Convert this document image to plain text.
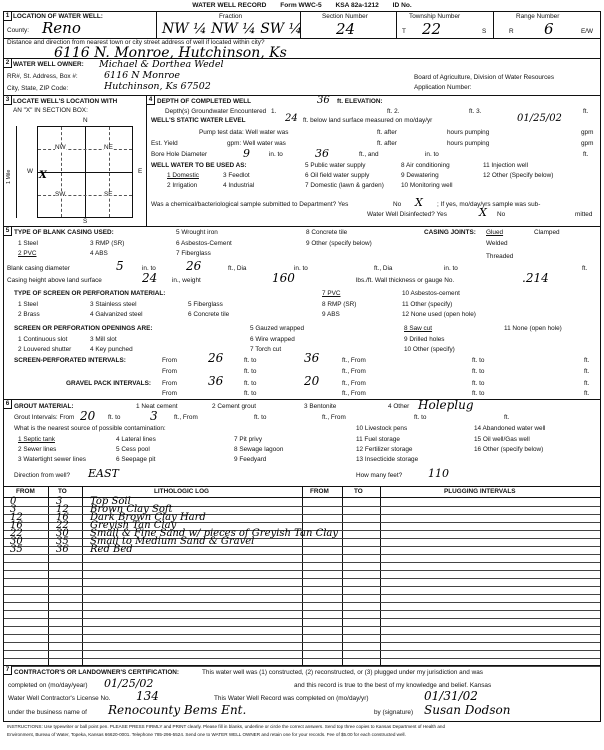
WATER WELL RECORD Form WWC-5 KSA 82a-1212 ID No.
1 LOCATION OF WATER WELL:
County: Reno
Fraction
NW ¼ NW ¼ SW ¼
Section Number
24
Township Number
T 22	S
Range Number
R 6	E/W
Distance and direction from nearest town or city street address of well if located within city?
6116 N. Monroe, Hutchinson, Ks
2 WATER WELL OWNER: Michael & Dorthea Wedel
RR#, St. Address, Box #:	6116 N Monroe
City, State, ZIP Code:	Hutchinson, Ks 67502
Board of Agriculture, Division of Water Resources
Application Number:
3 LOCATE WELL'S LOCATION WITH
AN "X" IN SECTION BOX:
N
S
W	E
1 Mile
NW	NE
SW	SE
X
4 DEPTH OF COMPLETED WELL	36 ft. ELEVATION:
Depth(s) Groundwater Encountered 1.	ft. 2.	ft. 3.	ft.
WELL'S STATIC WATER LEVEL	24 ft. below land surface measured on mo/day/yr	01/25/02
Pump test data: Well water was	ft. after	hours pumping	gpm
Est. Yield	gpm: Well water was	ft. after	hours pumping	gpm
Bore Hole Diameter	9	in. to	36	ft., and	in. to	ft.
WELL WATER TO BE USED AS:
1 Domestic	3 Feedlot
5 Public water supply	8 Air conditioning	11 Injection well
2 Irrigation	4 Industrial
6 Oil field water supply	9 Dewatering	12 Other (Specify below)
7 Domestic (lawn & garden)	10 Monitoring well
Was a chemical/bacteriological sample submitted to Department? Yes	No X ; If yes, mo/day/yrs sample was sub-
mitted
Water Well Disinfected? Yes	X No
5 TYPE OF BLANK CASING USED:
1 Steel
2 PVC
3 RMP (SR)
4 ABS
5 Wrought iron
6 Asbestos-Cement
7 Fiberglass
8 Concrete tile
9 Other (specify below)
CASING JOINTS: Glued	Clamped
Welded
Threaded
Blank casing diameter	5	in. to	26	ft., Dia	in. to	ft., Dia	in. to	ft.
Casing height above land surface	24 in., weight	160	lbs./ft. Wall thickness or gauge No.	.214
TYPE OF SCREEN OR PERFORATION MATERIAL:
1 Steel
2 Brass
3 Stainless steel
4 Galvanized steel
5 Fiberglass
6 Concrete tile
7 PVC
8 RMP (SR)
9 ABS
10 Asbestos-cement
11 Other (specify)
12 None used (open hole)
SCREEN OR PERFORATION OPENINGS ARE:
1 Continuous slot
2 Louvered shutter
3 Mill slot
4 Key punched
5 Gauzed wrapped
6 Wire wrapped
7 Torch cut
8 Saw cut
9 Drilled holes
10 Other (specify)
11 None (open hole)
SCREEN-PERFORATED INTERVALS:	From	26	ft. to	36	ft., From	ft. to	ft.
From	ft. to	ft., From	ft. to	ft.
GRAVEL PACK INTERVALS: From	36	ft. to	20	ft., From	ft. to	ft.
From	ft. to	ft., From	ft. to	ft.
6 GROUT MATERIAL:	1 Neat cement	2 Cement grout	3 Bentonite	4 Other Holeplug
Grout Intervals: From 20 ft. to 3	ft., From	ft. to	ft., From	ft. to	ft.
What is the nearest source of possible contamination:
1 Septic tank
2 Sewer lines
3 Watertight sewer lines
4 Lateral lines
5 Cess pool
6 Seepage pit
7 Pit privy
8 Sewage lagoon
9 Feedyard
10 Livestock pens
11 Fuel storage
12 Fertilizer storage
13 Insecticide storage
14 Abandoned water well
15 Oil well/Gas well
16 Other (specify below)
Direction from well? EAST	How many feet? 110
FROM	TO	LITHOLOGIC LOG	FROM	TO	PLUGGING INTERVALS
0	3	Top Soil
3	12 Brown Clay Soft
12	16 Dark Brown Clay Hard
16	22 Greyish Tan Clay
22	30 Small & Fine Sand w/ pieces of Greyish Tan Clay
30	35 Small to Medium Sand & Gravel
35	36 Red Bed
7 CONTRACTOR'S OR LANDOWNER'S CERTIFICATION:	This water well was (1) constructed, (2) reconstructed, or (3) plugged under my jurisdiction and was
completed on (mo/day/year) 01/25/02	and this record is true to the best of my knowledge and belief. Kansas
Water Well Contractor's License No. 134	This Water Well Record was completed on (mo/day/yr)	01/31/02
under the business name of Renocounty Bems Ent.	by (signature) Susan Dodson
INSTRUCTIONS: Use typewriter or ball point pen. PLEASE PRESS FIRMLY and PRINT clearly. Please fill in blanks, underline or circle the correct answers. Send top three copies to Kansas Department of Health and
Environment, Bureau of Water, Topeka, Kansas 66620-0001. Telephone 785-296-5524. Send one to WATER WELL OWNER and retain one for your records. Fee of $5.00 for each constructed well.
